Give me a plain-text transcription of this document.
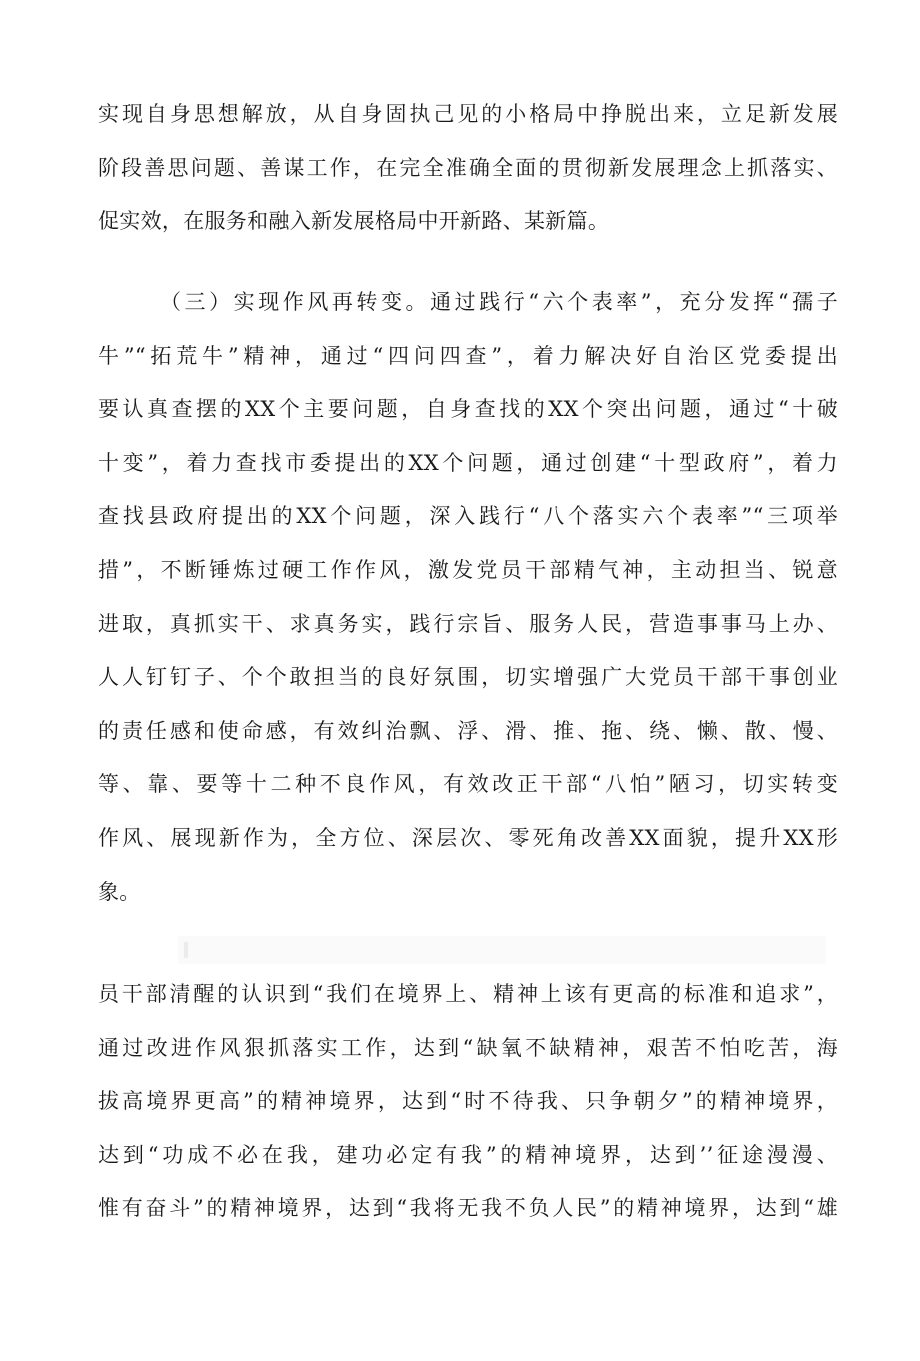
实现自身思想解放，从自身固执己见的小格局中挣脱出来，立足新发展
阶段善思问题、善谋工作，在完全准确全面的贯彻新发展理念上抓落实、
促实效，在服务和融入新发展格局中开新路、某新篇。
（三）实现作风再转变。通过践行“六个表率”，充分发挥“孺子
牛”“拓荒牛”精神，通过“四问四查”，着力解决好自治区党委提出
要认真查摆的XX个主要问题，自身查找的XX个突出问题，通过“十破
十变”，着力查找市委提出的XX个问题，通过创建“十型政府”，着力
查找县政府提出的XX个问题，深入践行“八个落实六个表率”“三项举
措”，不断锤炼过硬工作作风，激发党员干部精气神，主动担当、锐意
进取，真抓实干、求真务实，践行宗旨、服务人民，营造事事马上办、
人人钉钉子、个个敢担当的良好氛围，切实增强广大党员干部干事创业
的责任感和使命感，有效纠治飘、浮、滑、推、拖、绕、懒、散、慢、
等、靠、要等十二种不良作风，有效改正干部“八怕”陋习，切实转变
作风、展现新作为，全方位、深层次、零死角改善XX面貌，提升XX形
象。
员干部清醒的认识到“我们在境界上、精神上该有更高的标准和追求”，
通过改进作风狠抓落实工作，达到“缺氧不缺精神，艰苦不怕吃苦，海
拔高境界更高”的精神境界，达到“时不待我、只争朝夕”的精神境界，
达到“功成不必在我，建功必定有我”的精神境界，达到’’征途漫漫、
惟有奋斗”的精神境界，达到“我将无我不负人民”的精神境界，达到“雄
